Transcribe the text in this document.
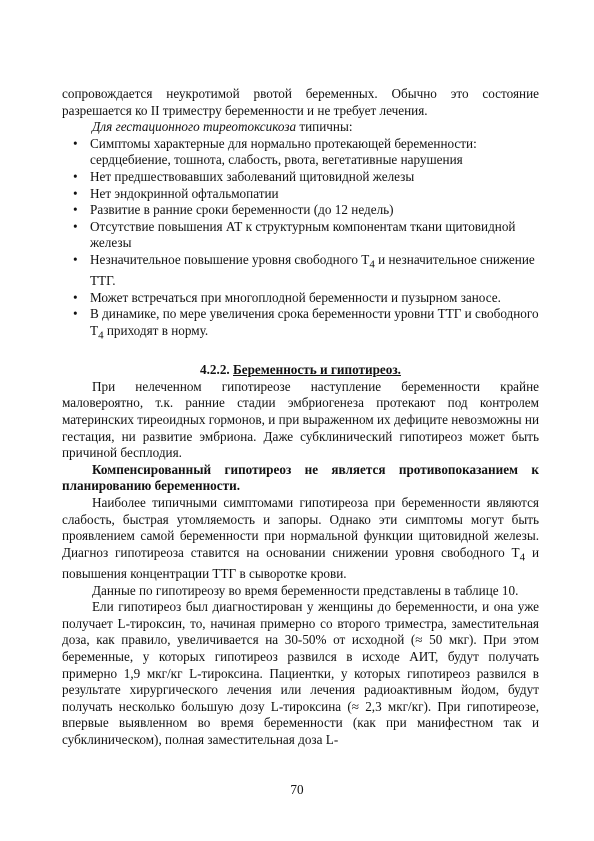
сопровождается неукротимой рвотой беременных. Обычно это состояние разрешается ко II триместру беременности и не требует лечения.

Для гестационного тиреотоксикоза типичны:

• Симптомы характерные для нормально протекающей беременности: сердцебиение, тошнота, слабость, рвота, вегетативные нарушения
• Нет предшествовавших заболеваний щитовидной железы
• Нет эндокринной офтальмопатии
• Развитие в ранние сроки беременности (до 12 недель)
• Отсутствие повышения АТ к структурным компонентам ткани щитовидной железы
• Незначительное повышение уровня свободного $Т_4$ и незначительное снижение ТТГ.
• Может встречаться при многоплодной беременности и пузырном заносе.
• В динамике, по мере увеличения срока беременности уровни ТТГ и свободного $Т_4$ приходят в норму.

4.2.2. Беременность и гипотиреоз.

При нелеченном гипотиреозе наступление беременности крайне маловероятно, т.к. ранние стадии эмбриогенеза протекают под контролем материнских тиреоидных гормонов, и при выраженном их дефиците невозможны ни гестация, ни развитие эмбриона. Даже субклинический гипотиреоз может быть причиной бесплодия.

Компенсированный гипотиреоз не является противопоказанием к планированию беременности.

Наиболее типичными симптомами гипотиреоза при беременности являются слабость, быстрая утомляемость и запоры. Однако эти симптомы могут быть проявлением самой беременности при нормальной функции щитовидной железы. Диагноз гипотиреоза ставится на основании снижении уровня свободного $Т_4$ и повышения концентрации ТТГ в сыворотке крови.

Данные по гипотиреозу во время беременности представлены в таблице 10.

Ели гипотиреоз был диагностирован у женщины до беременности, и она уже получает L-тироксин, то, начиная примерно со второго триместра, заместительная доза, как правило, увеличивается на 30-50% от исходной (≈ 50 мкг). При этом беременные, у которых гипотиреоз развился в исходе АИТ, будут получать примерно 1,9 мкг/кг L-тироксина. Пациентки, у которых гипотиреоз развился в результате хирургического лечения или лечения радиоактивным йодом, будут получать несколько большую дозу L-тироксина (≈ 2,3 мкг/кг). При гипотиреозе, впервые выявленном во время беременности (как при манифестном так и субклиническом), полная заместительная доза L-

70
